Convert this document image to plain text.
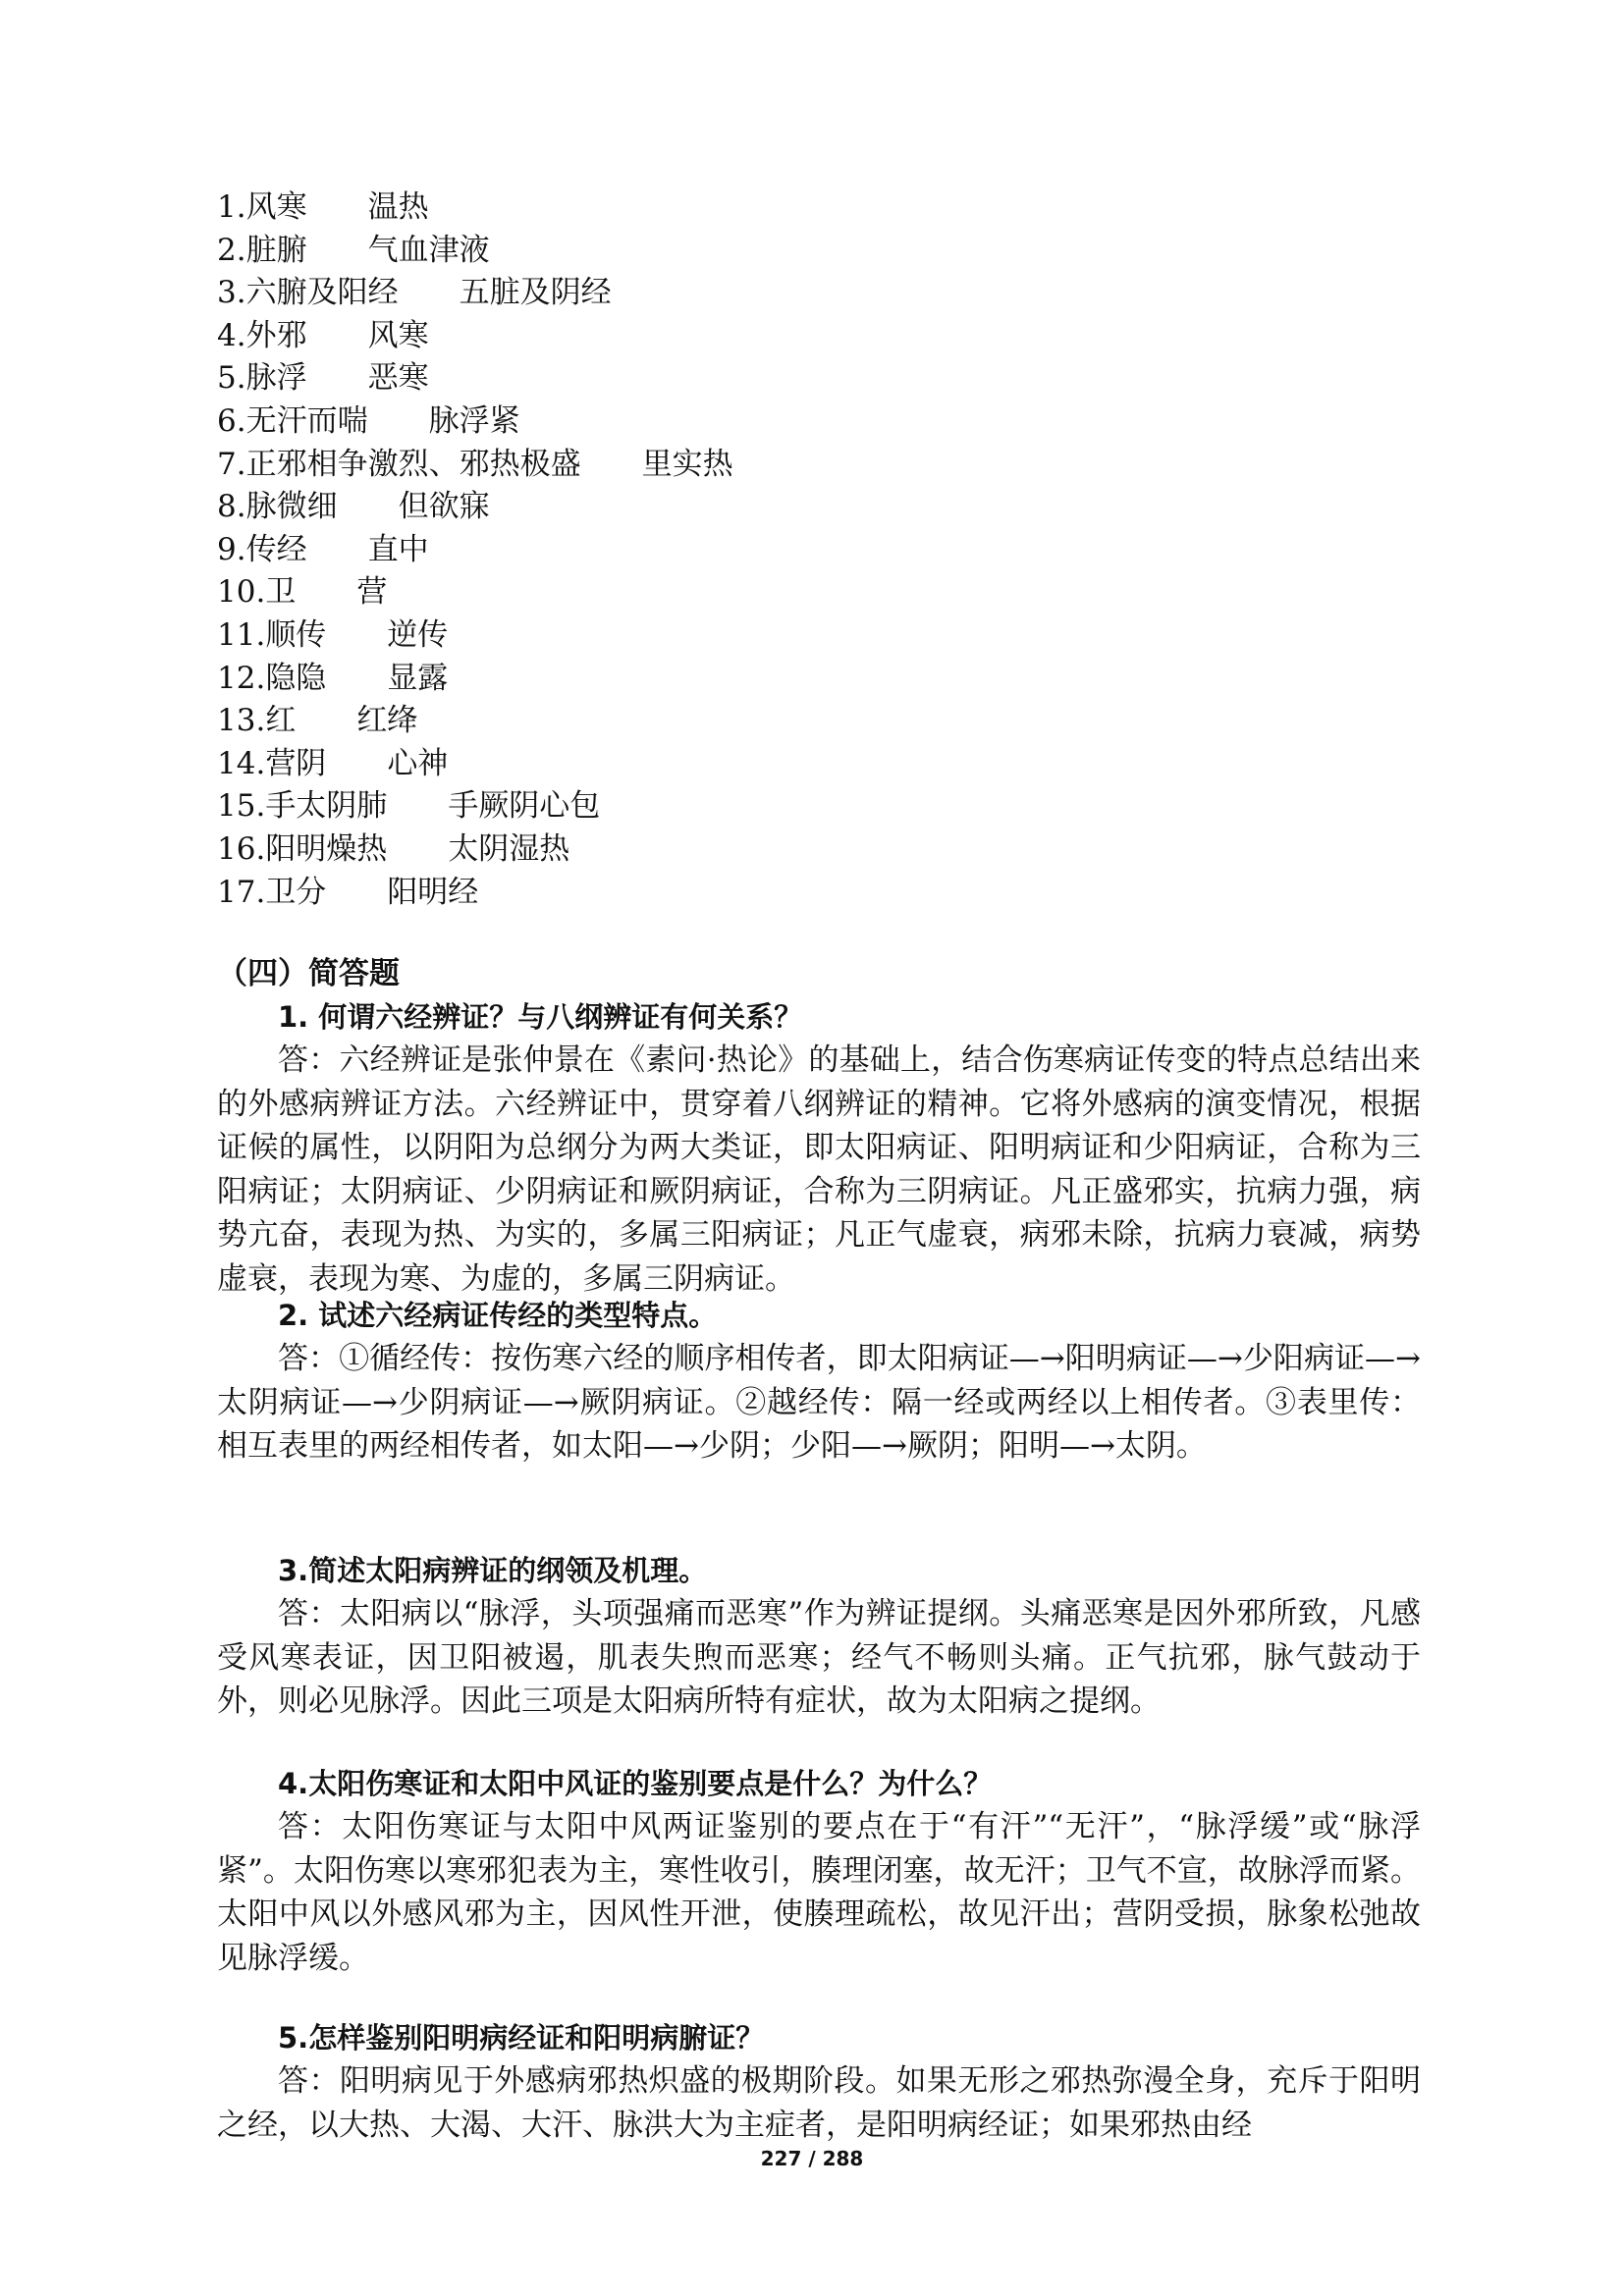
1.风寒 温热
2.脏腑 气血津液
3.六腑及阳经 五脏及阴经
4.外邪 风寒
5.脉浮 恶寒
6.无汗而喘 脉浮紧
7.正邪相争激烈、邪热极盛 里实热
8.脉微细 但欲寐
9.传经 直中
10.卫 营
11.顺传 逆传
12.隐隐 显露
13.红 红绛
14.营阴 心神
15.手太阴肺 手厥阴心包
16.阳明燥热 太阴湿热
17.卫分 阳明经
（四）简答题
1. 何谓六经辨证？与八纲辨证有何关系？

答：六经辨证是张仲景在《素问·热论》的基础上，结合伤寒病证传变的特点总结出来的外感病辨证方法。六经辨证中，贯穿着八纲辨证的精神。它将外感病的演变情况，根据证候的属性，以阴阳为总纲分为两大类证，即太阳病证、阳明病证和少阳病证，合称为三阳病证；太阴病证、少阴病证和厥阴病证，合称为三阴病证。凡正盛邪实，抗病力强，病势亢奋，表现为热、为实的，多属三阳病证；凡正气虚衰，病邪未除，抗病力衰减，病势虚衰，表现为寒、为虚的，多属三阴病证。

2. 试述六经病证传经的类型特点。

答：①循经传：按伤寒六经的顺序相传者，即太阳病证—→阳明病证—→少阳病证—→太阴病证—→少阴病证—→厥阴病证。②越经传：隔一经或两经以上相传者。③表里传：相互表里的两经相传者，如太阳—→少阴；少阳—→厥阴；阳明—→太阴。

3.简述太阳病辨证的纲领及机理。

答：太阳病以“脉浮，头项强痛而恶寒”作为辨证提纲。头痛恶寒是因外邪所致，凡感受风寒表证，因卫阳被遏，肌表失煦而恶寒；经气不畅则头痛。正气抗邪，脉气鼓动于外，则必见脉浮。因此三项是太阳病所特有症状，故为太阳病之提纲。

4.太阳伤寒证和太阳中风证的鉴别要点是什么？为什么？

答：太阳伤寒证与太阳中风两证鉴别的要点在于“有汗”“无汗”，“脉浮缓”或“脉浮紧”。太阳伤寒以寒邪犯表为主，寒性收引，腠理闭塞，故无汗；卫气不宣，故脉浮而紧。太阳中风以外感风邪为主，因风性开泄，使腠理疏松，故见汗出；营阴受损，脉象松弛故见脉浮缓。

5.怎样鉴别阳明病经证和阳明病腑证？

答：阳明病见于外感病邪热炽盛的极期阶段。如果无形之邪热弥漫全身，充斥于阳明之经，以大热、大渴、大汗、脉洪大为主症者，是阳明病经证；如果邪热由经

227 / 288
